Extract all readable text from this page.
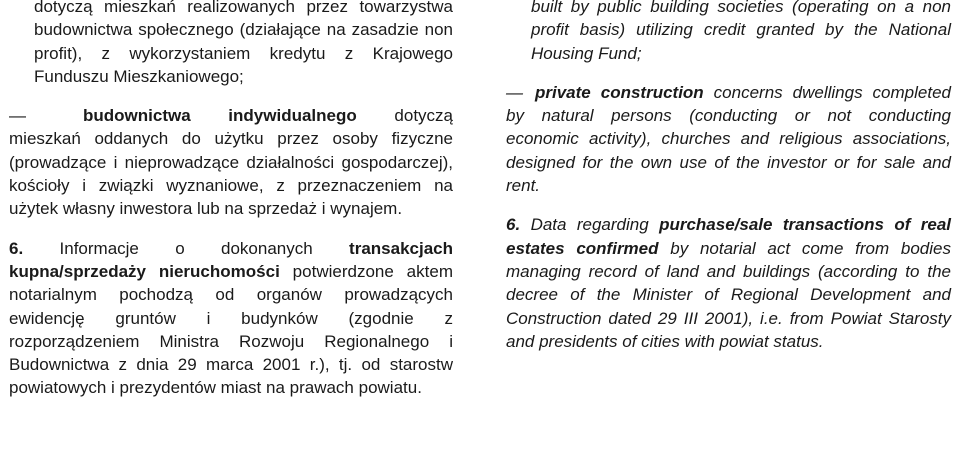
dotyczą mieszkań realizowanych przez towarzystwa budownictwa społecznego (działające na zasadzie non profit), z wykorzystaniem kredytu z Krajowego Funduszu Mieszkaniowego;

—	budownictwa indywidualnego dotyczą mieszkań oddanych do użytku przez osoby fizyczne (prowadzące i nieprowadzące działalności gospodarczej), kościoły i związki wyznaniowe, z przeznaczeniem na użytek własny inwestora lub na sprzedaż i wynajem.

6. Informacje o dokonanych transakcjach kupna/sprzedaży nieruchomości potwierdzone aktem notarialnym pochodzą od organów prowadzących ewidencję gruntów i budynków (zgodnie z rozporządzeniem Ministra Rozwoju Regionalnego i Budownictwa z dnia 29 marca 2001 r.), tj. od starostw powiatowych i prezydentów miast na prawach powiatu.

built by public building societies (operating on a non profit basis) utilizing credit granted by the National Housing Fund;

— private construction concerns dwellings completed by natural persons (conducting or not conducting economic activity), churches and religious associations, designed for the own use of the investor or for sale and rent.

6. Data regarding purchase/sale transactions of real estates confirmed by notarial act come from bodies managing record of land and buildings (according to the decree of the Minister of Regional Development and Construction dated 29 III 2001), i.e. from Powiat Starosty and presidents of cities with powiat status.
